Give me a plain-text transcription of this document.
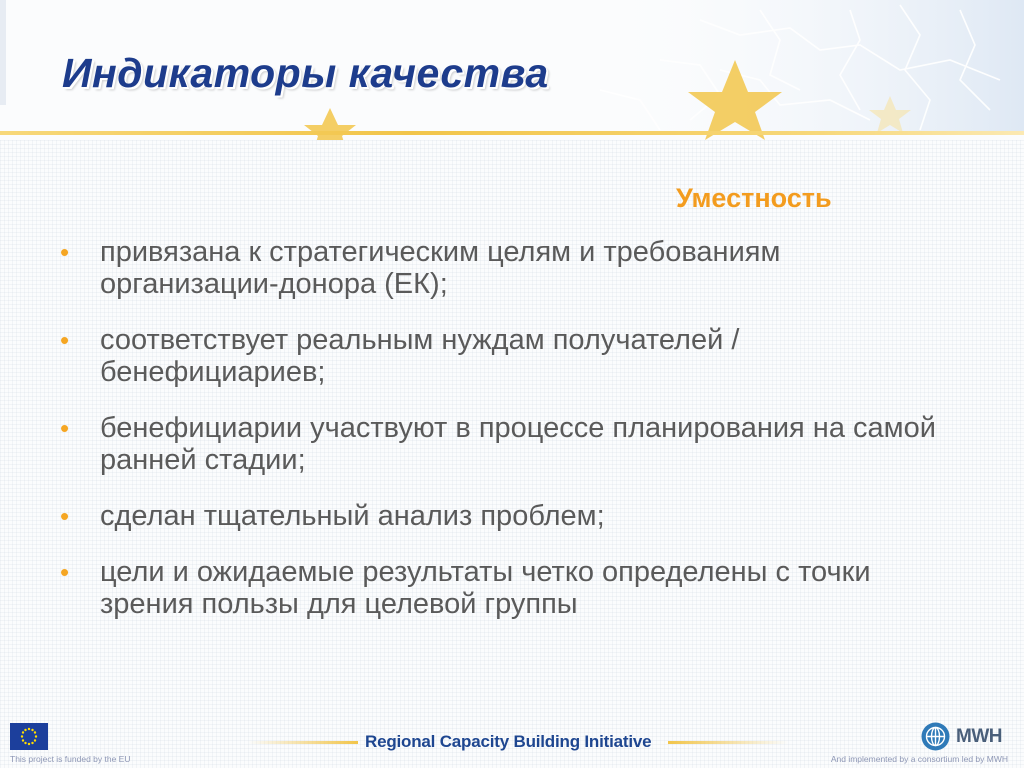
Индикаторы качества
Уместность
• привязана к стратегическим целям и требованиям организации-донора (ЕК);
• соответствует реальным нуждам получателей / бенефициариев;
• бенефициарии участвуют в процессе планирования на самой ранней стадии;
• сделан тщательный анализ проблем;
• цели и ожидаемые результаты четко определены с точки зрения пользы для целевой группы
This project is funded by the EU
Regional Capacity Building Initiative	MWH
And implemented by a consortium led by MWH
